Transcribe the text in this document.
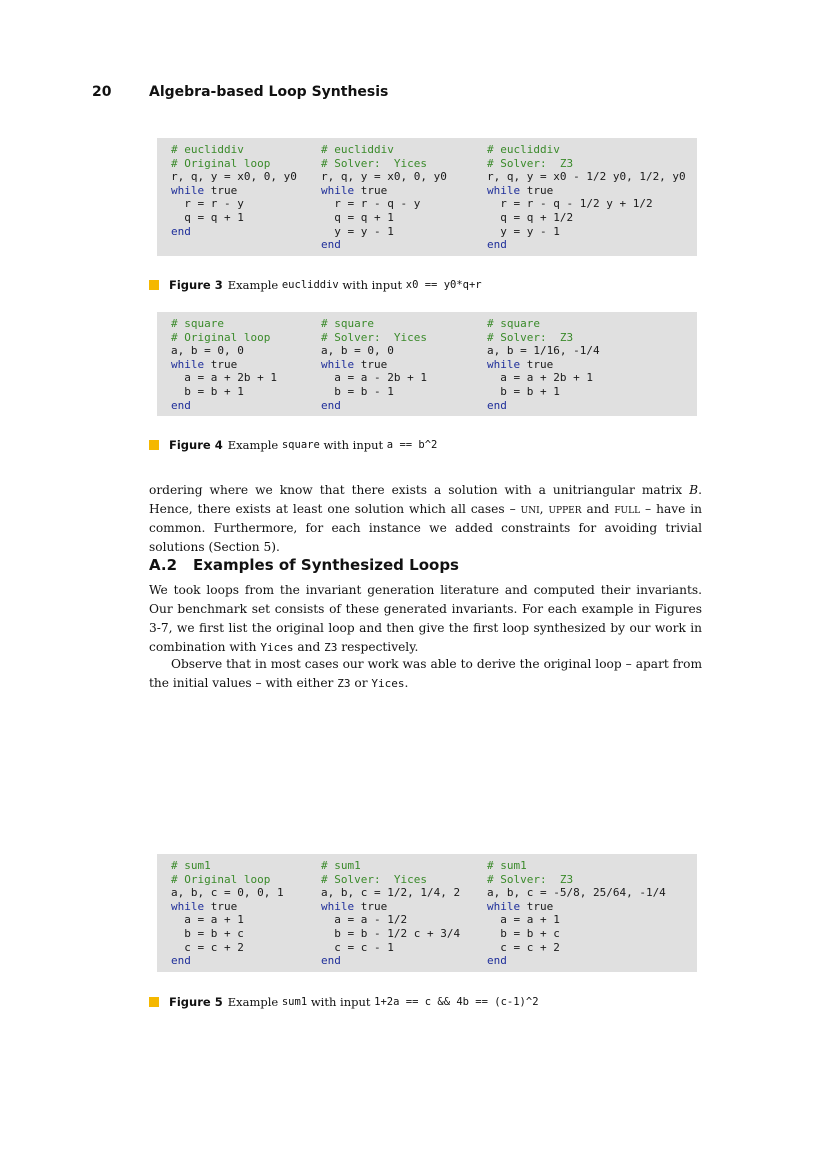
20	Algebra-based Loop Synthesis
# eucliddiv
# Original loop
r, q, y = x0, 0, y0
while true
r = r - y
q = q + 1
end
# eucliddiv
# Solver:  Yices
r, q, y = x0, 0, y0
while true
r = r - q - y
q = q + 1
y = y - 1
end
# eucliddiv
# Solver:  Z3
r, q, y = x0 - 1/2 y0, 1/2, y0
while true
r = r - q - 1/2 y + 1/2
q = q + 1/2
y = y - 1
end
Figure 3 Example
eucliddiv
with input
x0 == y0*q+r
# square
# Original loop
a, b = 0, 0
while true
a = a + 2b + 1
b = b + 1
end
# square
# Solver:  Yices
a, b = 0, 0
while true
a = a - 2b + 1
b = b - 1
end
# square
# Solver:  Z3
a, b = 1/16, -1/4
while true
a = a + 2b + 1
b = b + 1
end
Figure 4 Example
square
with input
a == b^2
ordering where we know that there exists a solution with a unitriangular matrix B. Hence, there exists at least one solution which all cases – uni, upper and full – have in common. Furthermore, for each instance we added constraints for avoiding trivial solutions (Section 5).
A.2 Examples of Synthesized Loops
We took loops from the invariant generation literature and computed their invariants. Our benchmark set consists of these generated invariants. For each example in Figures 3-7, we first list the original loop and then give the first loop synthesized by our work in combination with Yices and Z3 respectively.
Observe that in most cases our work was able to derive the original loop – apart from the initial values – with either Z3 or Yices.
# sum1
# Original loop
a, b, c = 0, 0, 1
while true
a = a + 1
b = b + c
c = c + 2
end
# sum1
# Solver:  Yices
a, b, c = 1/2, 1/4, 2
while true
a = a - 1/2
b = b - 1/2 c + 3/4
c = c - 1
end
# sum1
# Solver:  Z3
a, b, c = -5/8, 25/64, -1/4
while true
a = a + 1
b = b + c
c = c + 2
end
Figure 5 Example
sum1
with input
1+2a == c && 4b == (c-1)^2
